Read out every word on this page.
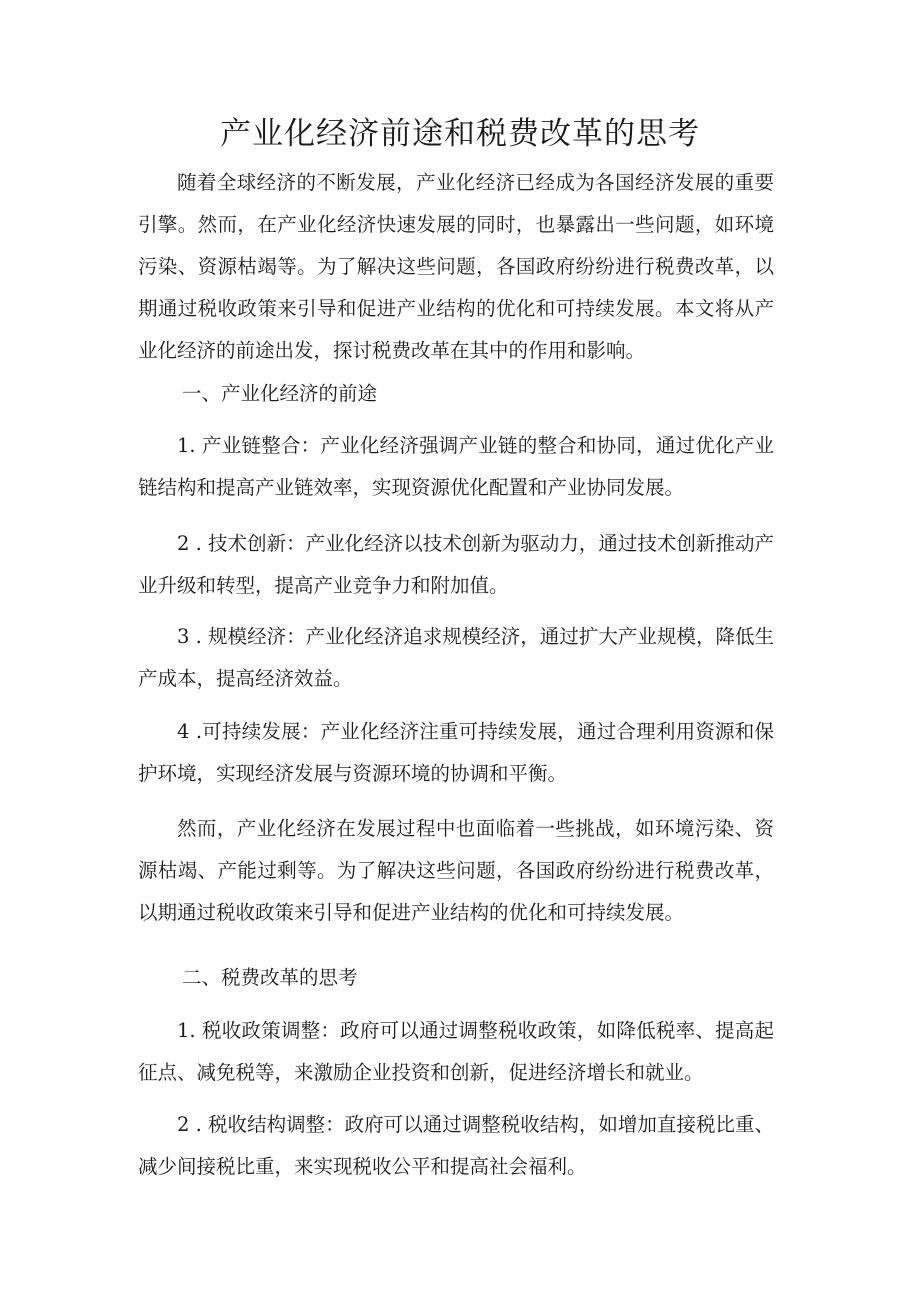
产业化经济前途和税费改革的思考

随着全球经济的不断发展，产业化经济已经成为各国经济发展的重要引擎。然而，在产业化经济快速发展的同时，也暴露出一些问题，如环境污染、资源枯竭等。为了解决这些问题，各国政府纷纷进行税费改革，以期通过税收政策来引导和促进产业结构的优化和可持续发展。本文将从产业化经济的前途出发，探讨税费改革在其中的作用和影响。

一、产业化经济的前途

1. 产业链整合：产业化经济强调产业链的整合和协同，通过优化产业链结构和提高产业链效率，实现资源优化配置和产业协同发展。

2 . 技术创新：产业化经济以技术创新为驱动力，通过技术创新推动产业升级和转型，提高产业竞争力和附加值。

3 . 规模经济：产业化经济追求规模经济，通过扩大产业规模，降低生产成本，提高经济效益。

4 .可持续发展：产业化经济注重可持续发展，通过合理利用资源和保护环境，实现经济发展与资源环境的协调和平衡。

然而，产业化经济在发展过程中也面临着一些挑战，如环境污染、资源枯竭、产能过剩等。为了解决这些问题，各国政府纷纷进行税费改革，以期通过税收政策来引导和促进产业结构的优化和可持续发展。

二、税费改革的思考

1. 税收政策调整：政府可以通过调整税收政策，如降低税率、提高起征点、减免税等，来激励企业投资和创新，促进经济增长和就业。

2 . 税收结构调整：政府可以通过调整税收结构，如增加直接税比重、减少间接税比重，来实现税收公平和提高社会福利。
